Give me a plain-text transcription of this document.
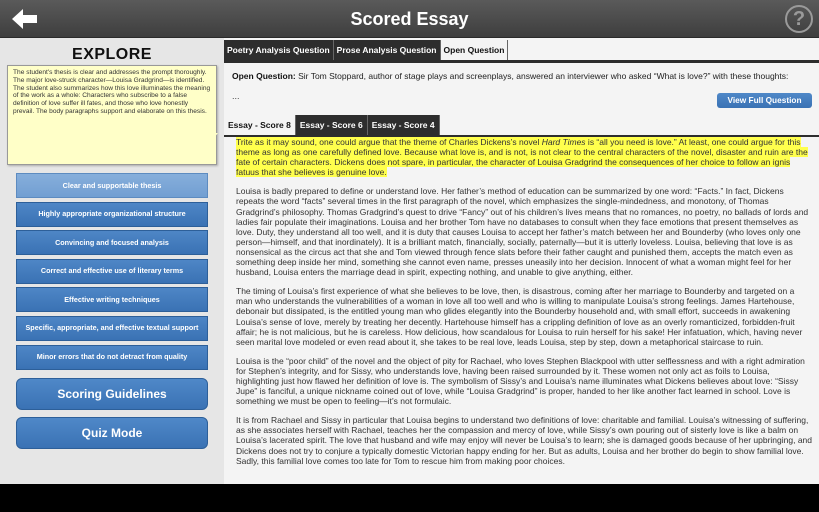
Scored Essay	?
EXPLORE
The student's thesis is clear and addresses the prompt thoroughly. The major love-struck character—Louisa Gradgrind—is identified. The student also summarizes how this love illuminates the meaning of the work as a whole: Characters who subscribe to a false definition of love suffer ill fates, and those who love honestly prevail. The body paragraphs support and elaborate on this thesis.
Clear and supportable thesis
Highly appropriate organizational structure
Convincing and focused analysis
Correct and effective use of literary terms
Effective writing techniques
Specific, appropriate, and effective textual support
Minor errors that do not detract from quality
Scoring Guidelines
Quiz Mode
Poetry Analysis Question Prose Analysis Question Open Question
Open Question: Sir Tom Stoppard, author of stage plays and screenplays, answered an interviewer who asked “What is love?” with these thoughts:
...	View Full Question
Essay - Score 8	Essay - Score 6	Essay - Score 4

Trite as it may sound, one could argue that the theme of Charles Dickens’s novel Hard Times is “all you need is love.” At least, one could argue for this theme as long as one carefully defined love. Because what love is, and is not, is not clear to the central characters of the novel, disaster and ruin are the fate of certain characters. Dickens does not spare, in particular, the character of Louisa Gradgrind the consequences of her choice to follow an ignis fatuus that she believes is genuine love.

Louisa is badly prepared to define or understand love. Her father’s method of education can be summarized by one word: “Facts.” In fact, Dickens repeats the word “facts” several times in the first paragraph of the novel, which emphasizes the single-mindedness, and monotony, of Thomas Gradgrind’s philosophy. Thomas Gradgrind’s quest to drive “Fancy” out of his children’s lives means that no romances, no poetry, no ballads of lords and ladies fair populate their imaginations. Louisa and her brother Tom have no databases to consult when they face emotions that present themselves as love. Duty, they understand all too well, and it is duty that causes Louisa to accept her father’s match between her and Bounderby (who loves only one person—himself, and that inordinately). It is a brilliant match, financially, socially, paternally—but it is utterly loveless. Louisa, believing that love is as nonsensical as the circus act that she and Tom viewed through fence slats before their father caught and punished them, accepts the match even as something deep inside her mind, something she cannot even name, presses uneasily into her decision. Innocent of what a woman might feel for her husband, Louisa enters the marriage dead in spirit, expecting nothing, and unable to give anything, either.

The timing of Louisa’s first experience of what she believes to be love, then, is disastrous, coming after her marriage to Bounderby and targeted on a man who understands the vulnerabilities of a woman in love all too well and who is willing to manipulate Louisa’s strong feelings. James Hartehouse, debonair but dissipated, is the entitled young man who glides elegantly into the Bounderby household and, with small effort, succeeds in awakening Louisa’s sense of love, merely by treating her decently. Hartehouse himself has a crippling definition of love as an overly romanticized, forbidden-fruit affair; he is not malicious, but he is careless. How delicious, how scandalous for Louisa to ruin herself for his sake! Her infatuation, which, having never seen marital love modeled or even read about it, she takes to be real love, leads Louisa, step by step, down a metaphorical staircase to ruin.

Louisa is the “poor child” of the novel and the object of pity for Rachael, who loves Stephen Blackpool with utter selflessness and with a right admiration for Stephen’s integrity, and for Sissy, who understands love, having been raised surrounded by it. These women not only act as foils to Louisa, highlighting just how flawed her definition of love is. The symbolism of Sissy’s and Louisa’s name illuminates what Dickens believes about love: “Sissy Jupe” is fanciful, a unique nickname coined out of love, while “Louisa Gradgrind” is proper, handed to her like another fact learned in school. Love is something we must be open to feeling—it’s not formulaic.

It is from Rachael and Sissy in particular that Louisa begins to understand two definitions of love: charitable and familial. Louisa’s witnessing of suffering, as she associates herself with Rachael, teaches her the compassion and mercy of love, while Sissy’s own pouring out of sisterly love is like a balm on Louisa’s lacerated spirit. The love that husband and wife may enjoy will never be Louisa’s to learn; she is damaged goods because of her upbringing, and Dickens does not try to conjure a typically domestic Victorian happy ending for her. But as adults, Louisa and her brother do begin to show familial love. Sadly, this familial love comes too late for Tom to rescue him from making poor choices.
